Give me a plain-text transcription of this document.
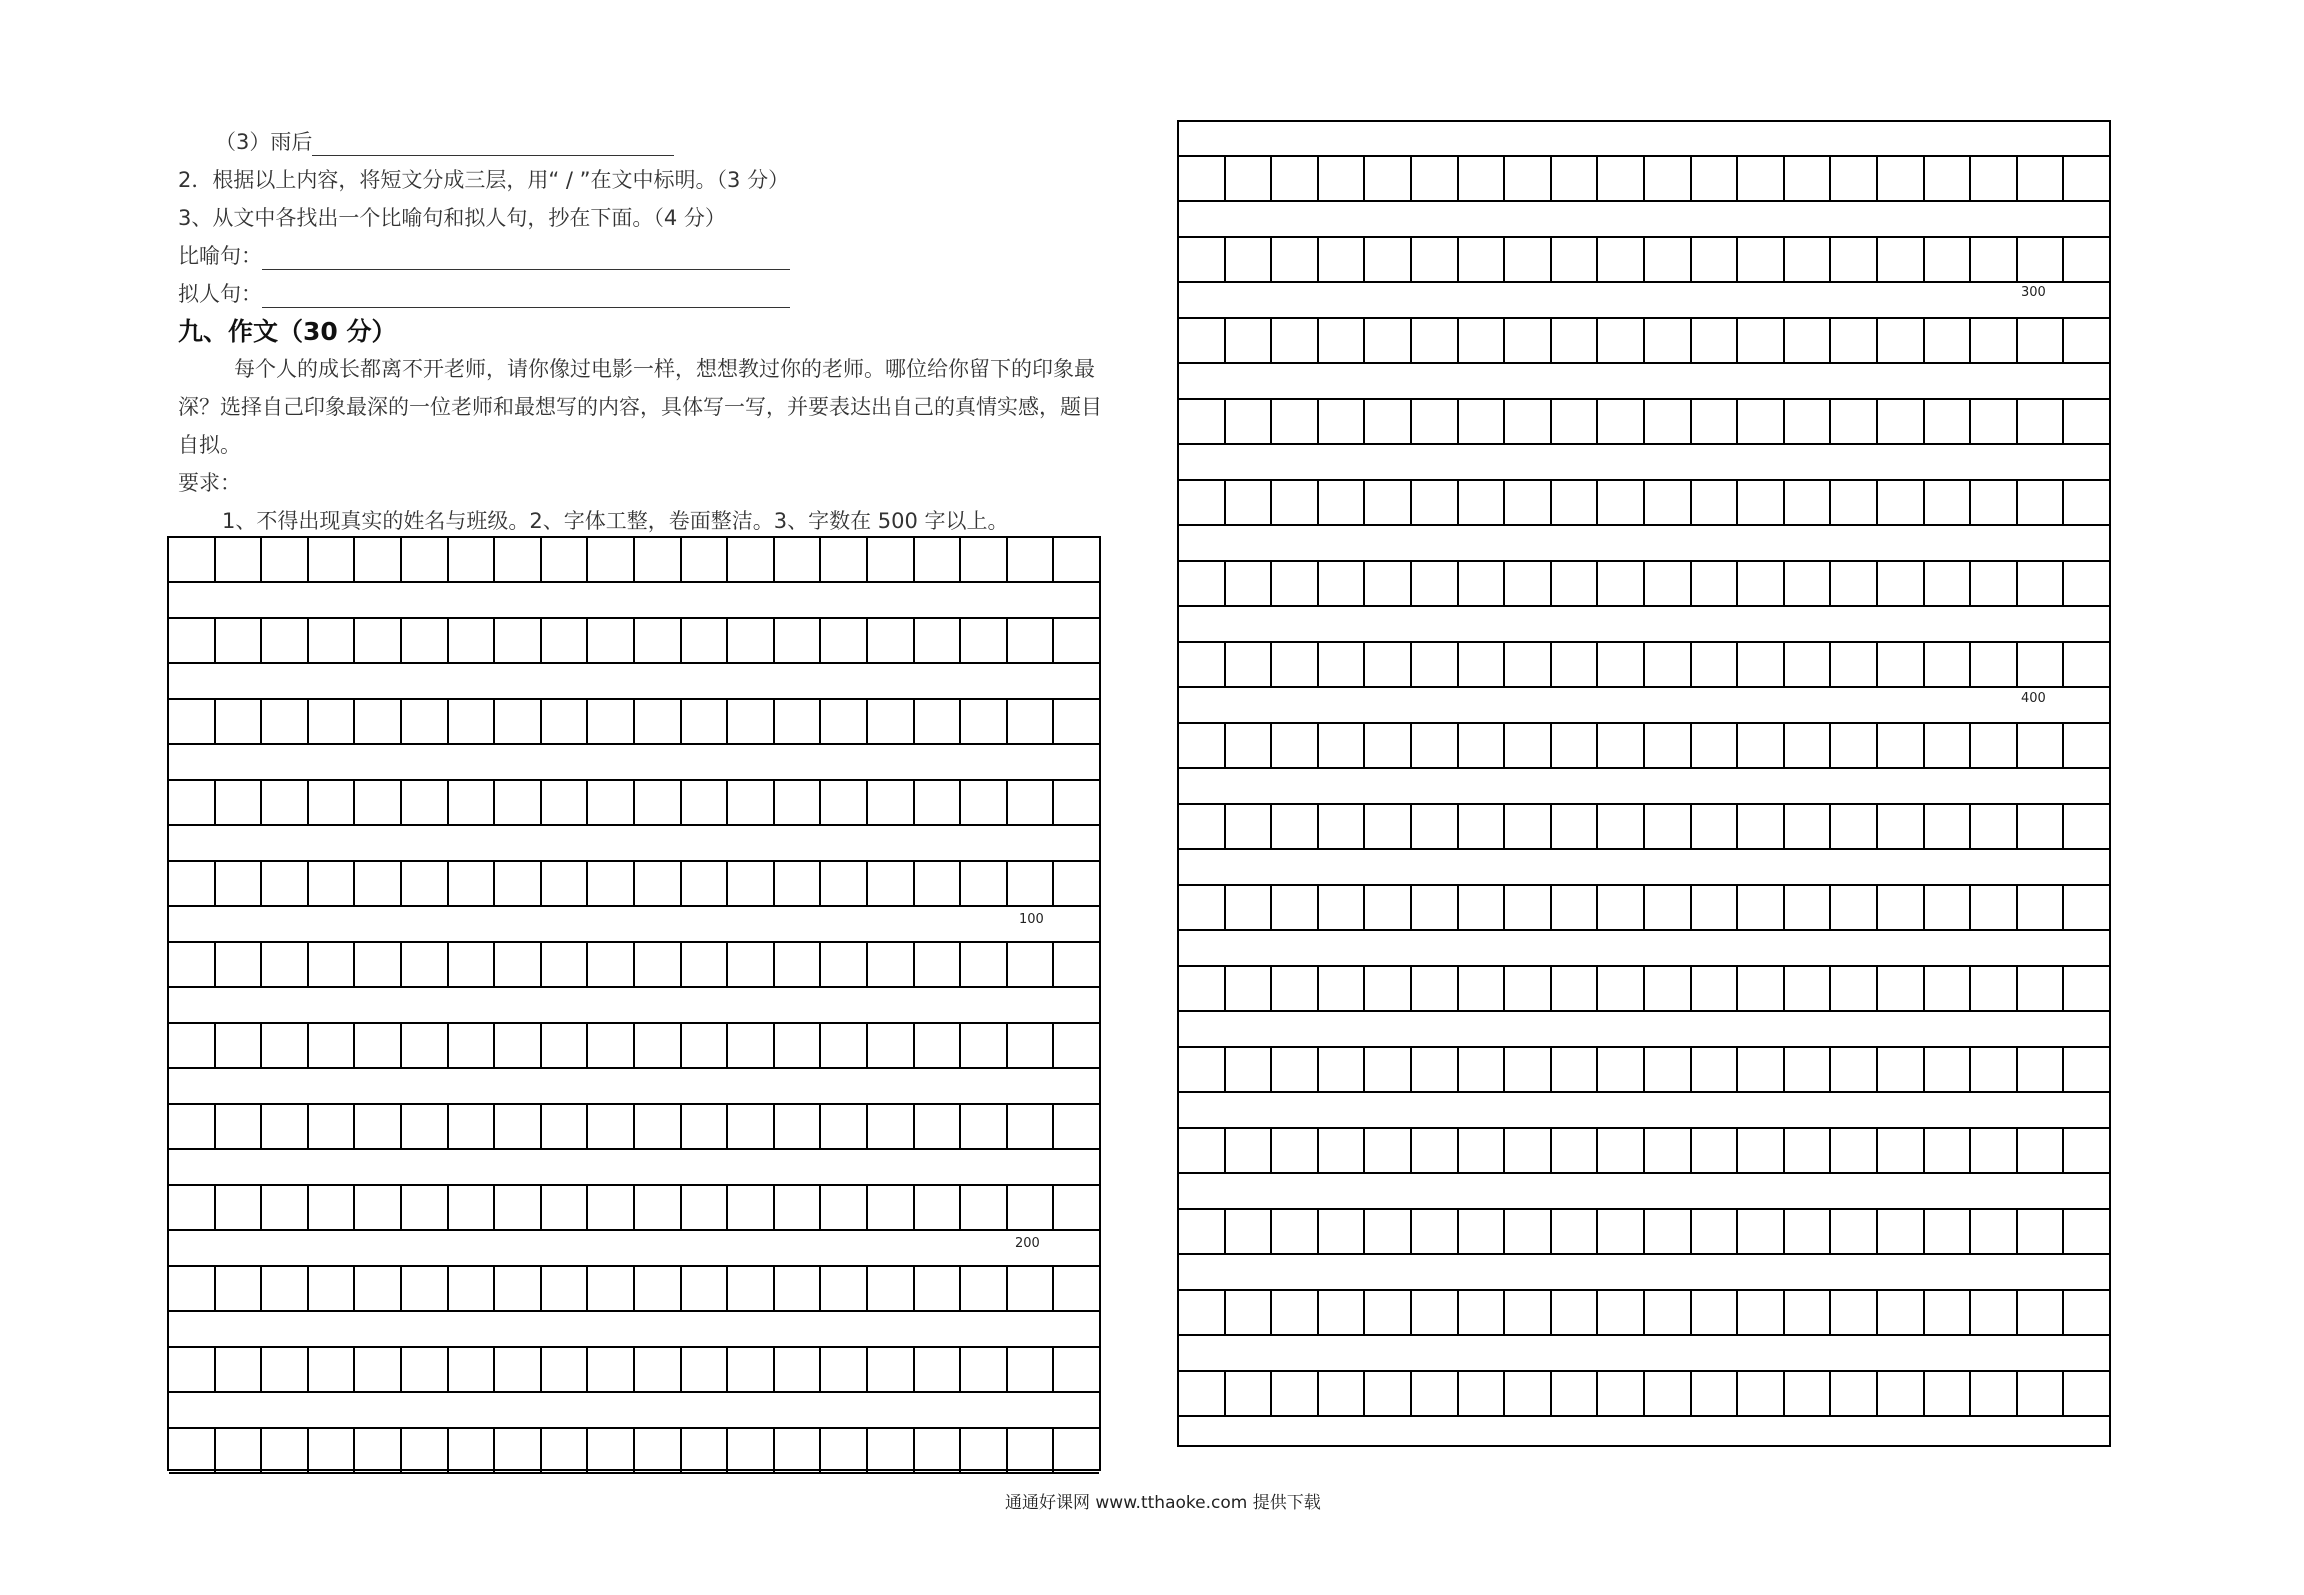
（3）雨后
2．根据以上内容，将短文分成三层，用“ / ”在文中标明。（3 分）
3、从文中各找出一个比喻句和拟人句，抄在下面。（4 分）
比喻句：
拟人句：
九、作文（30 分）
每个人的成长都离不开老师，请你像过电影一样，想想教过你的老师。哪位给你留下的印象最
深？选择自己印象最深的一位老师和最想写的内容，具体写一写，并要表达出自己的真情实感，题目
自拟。
要求：
1、不得出现真实的姓名与班级。2、字体工整，卷面整洁。3、字数在 500 字以上。
100
200
300
400
通通好课网 www.tthaoke.com 提供下载
